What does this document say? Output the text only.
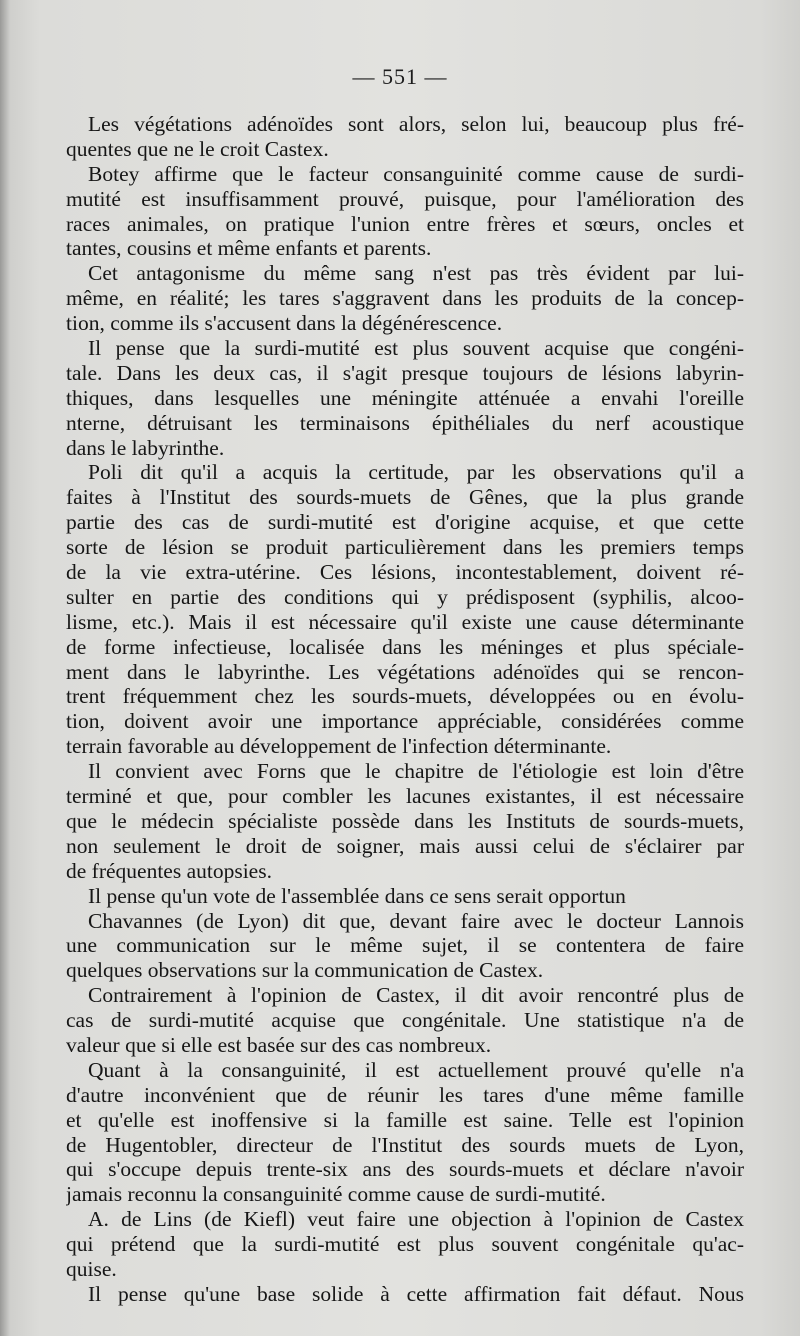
— 551 —
Les végétations adénoïdes sont alors, selon lui, beaucoup plus fré-
quentes que ne le croit Castex.
Botey affirme que le facteur consanguinité comme cause de surdi-
mutité est insuffisamment prouvé, puisque, pour l'amélioration des
races animales, on pratique l'union entre frères et sœurs, oncles et
tantes, cousins et même enfants et parents.
Cet antagonisme du même sang n'est pas très évident par lui-
même, en réalité; les tares s'aggravent dans les produits de la concep-
tion, comme ils s'accusent dans la dégénérescence.
Il pense que la surdi-mutité est plus souvent acquise que congéni-
tale. Dans les deux cas, il s'agit presque toujours de lésions labyrin-
thiques, dans lesquelles une méningite atténuée a envahi l'oreille
nterne, détruisant les terminaisons épithéliales du nerf acoustique
dans le labyrinthe.
Poli dit qu'il a acquis la certitude, par les observations qu'il a
faites à l'Institut des sourds-muets de Gênes, que la plus grande
partie des cas de surdi-mutité est d'origine acquise, et que cette
sorte de lésion se produit particulièrement dans les premiers temps
de la vie extra-utérine. Ces lésions, incontestablement, doivent ré-
sulter en partie des conditions qui y prédisposent (syphilis, alcoo-
lisme, etc.). Mais il est nécessaire qu'il existe une cause déterminante
de forme infectieuse, localisée dans les méninges et plus spéciale-
ment dans le labyrinthe. Les végétations adénoïdes qui se rencon-
trent fréquemment chez les sourds-muets, développées ou en évolu-
tion, doivent avoir une importance appréciable, considérées comme
terrain favorable au développement de l'infection déterminante.
Il convient avec Forns que le chapitre de l'étiologie est loin d'être
terminé et que, pour combler les lacunes existantes, il est nécessaire
que le médecin spécialiste possède dans les Instituts de sourds-muets,
non seulement le droit de soigner, mais aussi celui de s'éclairer par
de fréquentes autopsies.
Il pense qu'un vote de l'assemblée dans ce sens serait opportun
Chavannes (de Lyon) dit que, devant faire avec le docteur Lannois
une communication sur le même sujet, il se contentera de faire
quelques observations sur la communication de Castex.
Contrairement à l'opinion de Castex, il dit avoir rencontré plus de
cas de surdi-mutité acquise que congénitale. Une statistique n'a de
valeur que si elle est basée sur des cas nombreux.
Quant à la consanguinité, il est actuellement prouvé qu'elle n'a
d'autre inconvénient que de réunir les tares d'une même famille
et qu'elle est inoffensive si la famille est saine. Telle est l'opinion
de Hugentobler, directeur de l'Institut des sourds muets de Lyon,
qui s'occupe depuis trente-six ans des sourds-muets et déclare n'avoir
jamais reconnu la consanguinité comme cause de surdi-mutité.
A. de Lins (de Kiefl) veut faire une objection à l'opinion de Castex
qui prétend que la surdi-mutité est plus souvent congénitale qu'ac-
quise.
Il pense qu'une base solide à cette affirmation fait défaut. Nous
